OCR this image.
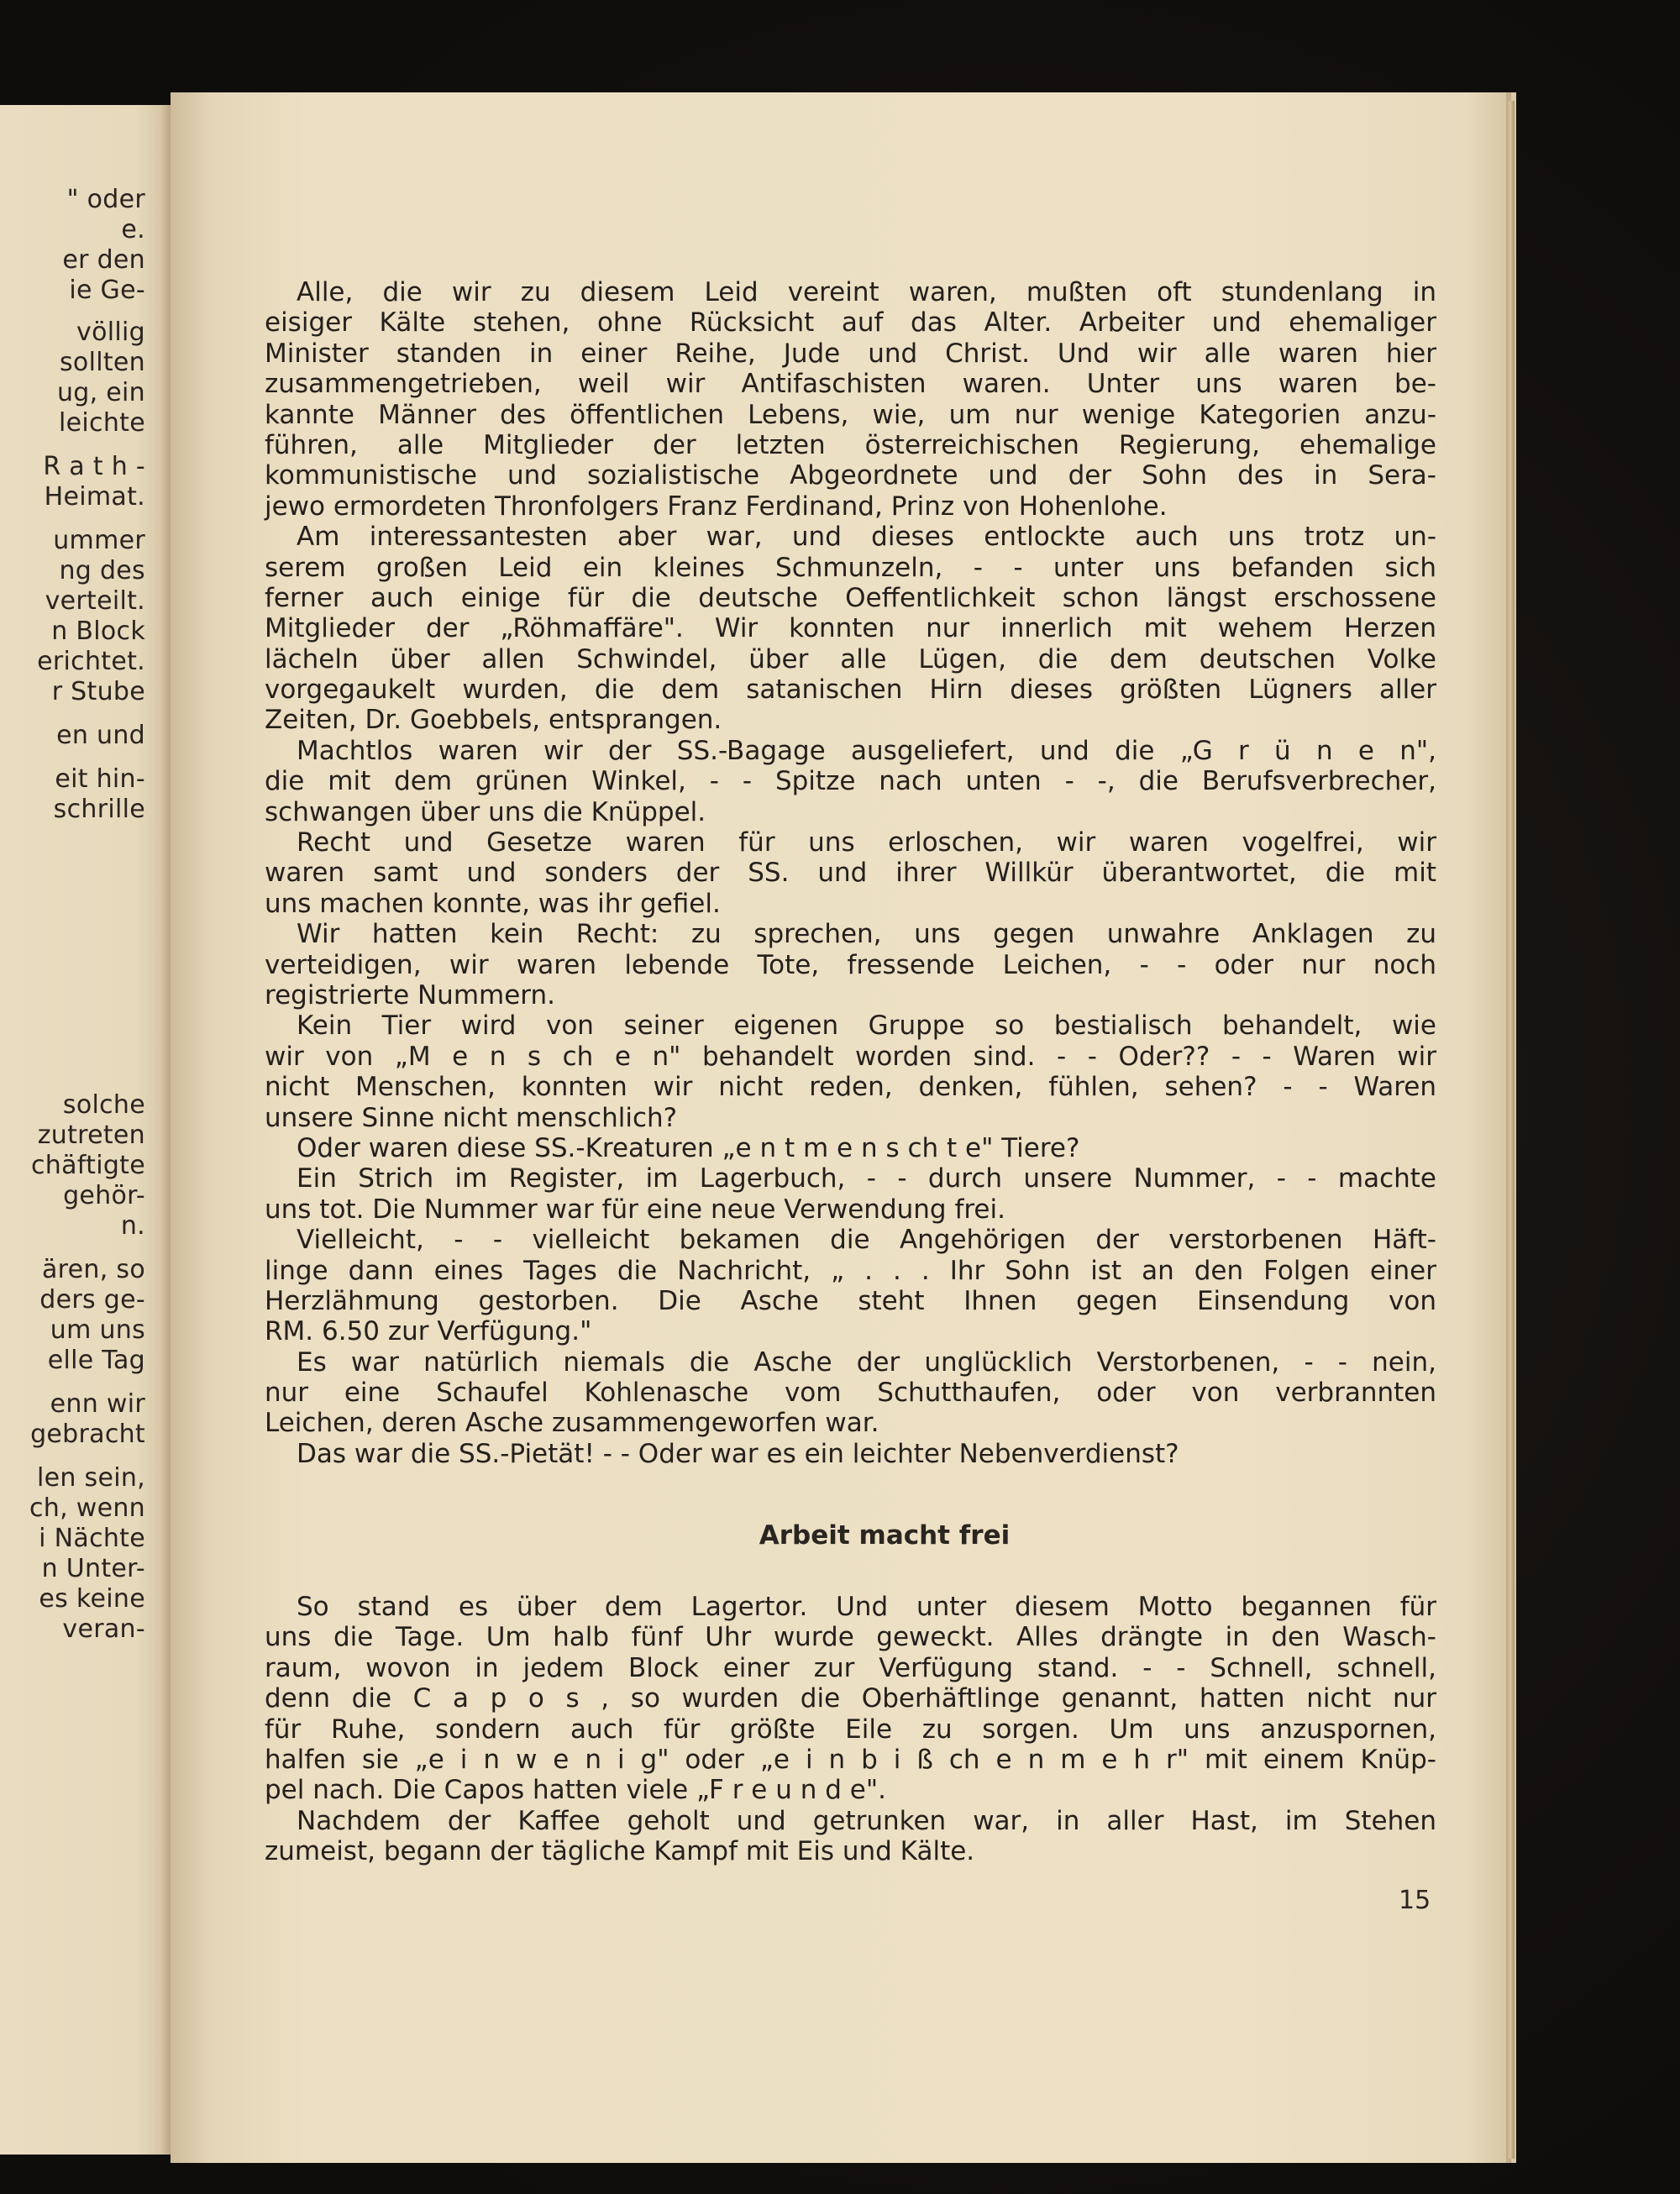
" oder
e.
er den
ie Ge-
völlig
sollten
ug, ein
leichte
R a t h -
Heimat.
ummer
ng des
verteilt.
n Block
erichtet.
r Stube
en und
eit hin-
schrille
solche
zutreten
chäftigte
gehör-
n.
ären, so
ders ge-
um uns
elle Tag
enn wir
gebracht
len sein,
ch, wenn
i Nächte
n Unter-
es keine
veran-
Alle, die wir zu diesem Leid vereint waren, mußten oft stundenlang in
eisiger Kälte stehen, ohne Rücksicht auf das Alter. Arbeiter und ehemaliger
Minister standen in einer Reihe, Jude und Christ. Und wir alle waren hier
zusammengetrieben, weil wir Antifaschisten waren. Unter uns waren be-
kannte Männer des öffentlichen Lebens, wie, um nur wenige Kategorien anzu-
führen, alle Mitglieder der letzten österreichischen Regierung, ehemalige
kommunistische und sozialistische Abgeordnete und der Sohn des in Sera-
jewo ermordeten Thronfolgers Franz Ferdinand, Prinz von Hohenlohe.
Am interessantesten aber war, und dieses entlockte auch uns trotz un-
serem großen Leid ein kleines Schmunzeln, - - unter uns befanden sich
ferner auch einige für die deutsche Oeffentlichkeit schon längst erschossene
Mitglieder der „Röhmaffäre". Wir konnten nur innerlich mit wehem Herzen
lächeln über allen Schwindel, über alle Lügen, die dem deutschen Volke
vorgegaukelt wurden, die dem satanischen Hirn dieses größten Lügners aller
Zeiten, Dr. Goebbels, entsprangen.
Machtlos waren wir der SS.-Bagage ausgeliefert, und die „G r ü n e n",
die mit dem grünen Winkel, - - Spitze nach unten - -, die Berufsverbrecher,
schwangen über uns die Knüppel.
Recht und Gesetze waren für uns erloschen, wir waren vogelfrei, wir
waren samt und sonders der SS. und ihrer Willkür überantwortet, die mit
uns machen konnte, was ihr gefiel.
Wir hatten kein Recht: zu sprechen, uns gegen unwahre Anklagen zu
verteidigen, wir waren lebende Tote, fressende Leichen, - - oder nur noch
registrierte Nummern.
Kein Tier wird von seiner eigenen Gruppe so bestialisch behandelt, wie
wir von „M e n s ch e n" behandelt worden sind. - - Oder?? - - Waren wir
nicht Menschen, konnten wir nicht reden, denken, fühlen, sehen? - - Waren
unsere Sinne nicht menschlich?
Oder waren diese SS.-Kreaturen „e n t m e n s ch t e" Tiere?
Ein Strich im Register, im Lagerbuch, - - durch unsere Nummer, - - machte
uns tot. Die Nummer war für eine neue Verwendung frei.
Vielleicht, - - vielleicht bekamen die Angehörigen der verstorbenen Häft-
linge dann eines Tages die Nachricht, „ . . . Ihr Sohn ist an den Folgen einer
Herzlähmung gestorben. Die Asche steht Ihnen gegen Einsendung von
RM. 6.50 zur Verfügung."
Es war natürlich niemals die Asche der unglücklich Verstorbenen, - - nein,
nur eine Schaufel Kohlenasche vom Schutthaufen, oder von verbrannten
Leichen, deren Asche zusammengeworfen war.
Das war die SS.-Pietät! - - Oder war es ein leichter Nebenverdienst?
Arbeit macht frei
So stand es über dem Lagertor. Und unter diesem Motto begannen für
uns die Tage. Um halb fünf Uhr wurde geweckt. Alles drängte in den Wasch-
raum, wovon in jedem Block einer zur Verfügung stand. - - Schnell, schnell,
denn die C a p o s , so wurden die Oberhäftlinge genannt, hatten nicht nur
für Ruhe, sondern auch für größte Eile zu sorgen. Um uns anzuspornen,
halfen sie „e i n w e n i g" oder „e i n b i ß ch e n m e h r" mit einem Knüp-
pel nach. Die Capos hatten viele „F r e u n d e".
Nachdem der Kaffee geholt und getrunken war, in aller Hast, im Stehen
zumeist, begann der tägliche Kampf mit Eis und Kälte.
15
